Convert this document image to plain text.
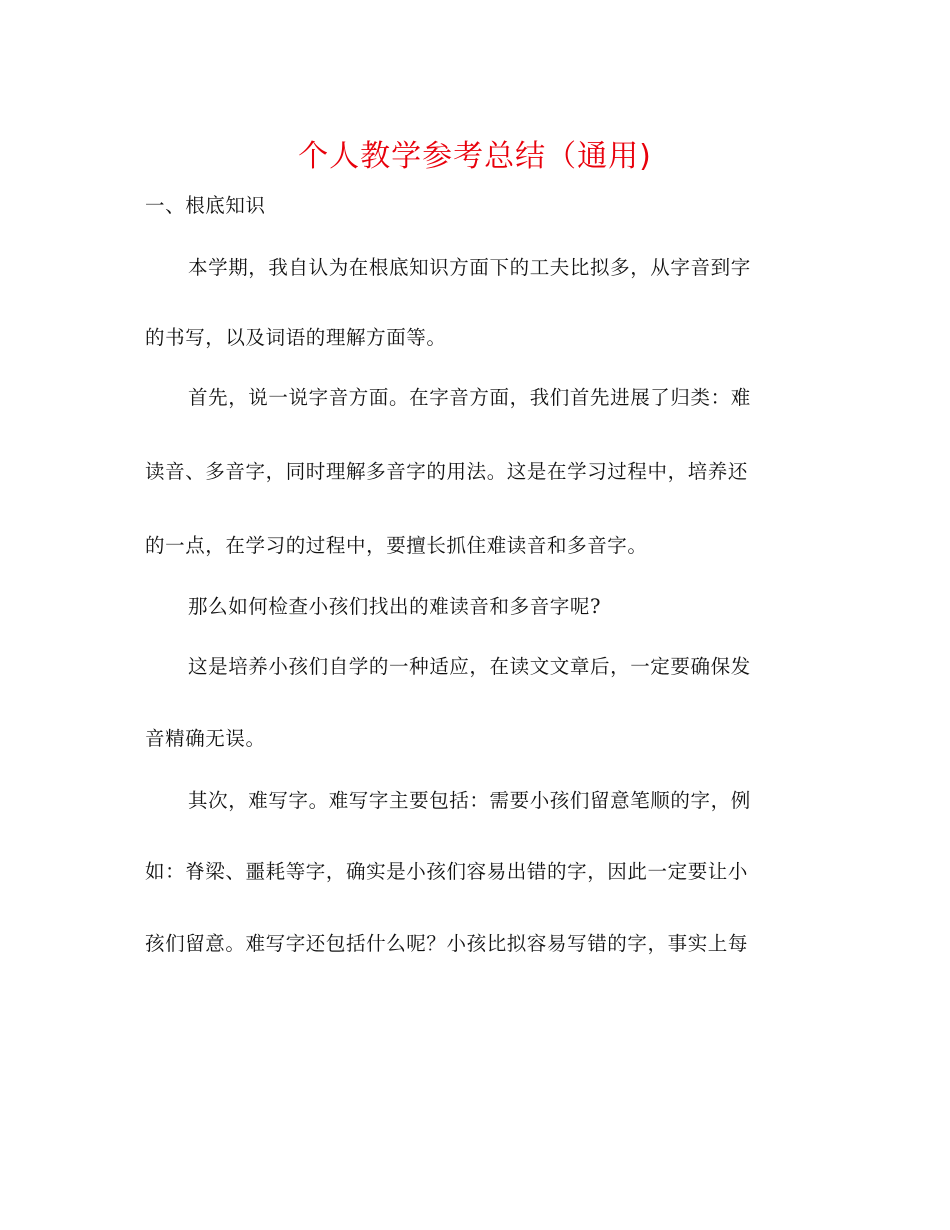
个人教学参考总结（通用)
一、根底知识
本学期，我自认为在根底知识方面下的工夫比拟多，从字音到字
的书写，以及词语的理解方面等。
首先，说一说字音方面。在字音方面，我们首先进展了归类：难
读音、多音字，同时理解多音字的用法。这是在学习过程中，培养还
的一点，在学习的过程中，要擅长抓住难读音和多音字。
那么如何检查小孩们找出的难读音和多音字呢?
这是培养小孩们自学的一种适应，在读文文章后，一定要确保发
音精确无误。
其次，难写字。难写字主要包括：需要小孩们留意笔顺的字，例
如：脊梁、噩耗等字，确实是小孩们容易出错的字，因此一定要让小
孩们留意。难写字还包括什么呢？小孩比拟容易写错的字，事实上每
